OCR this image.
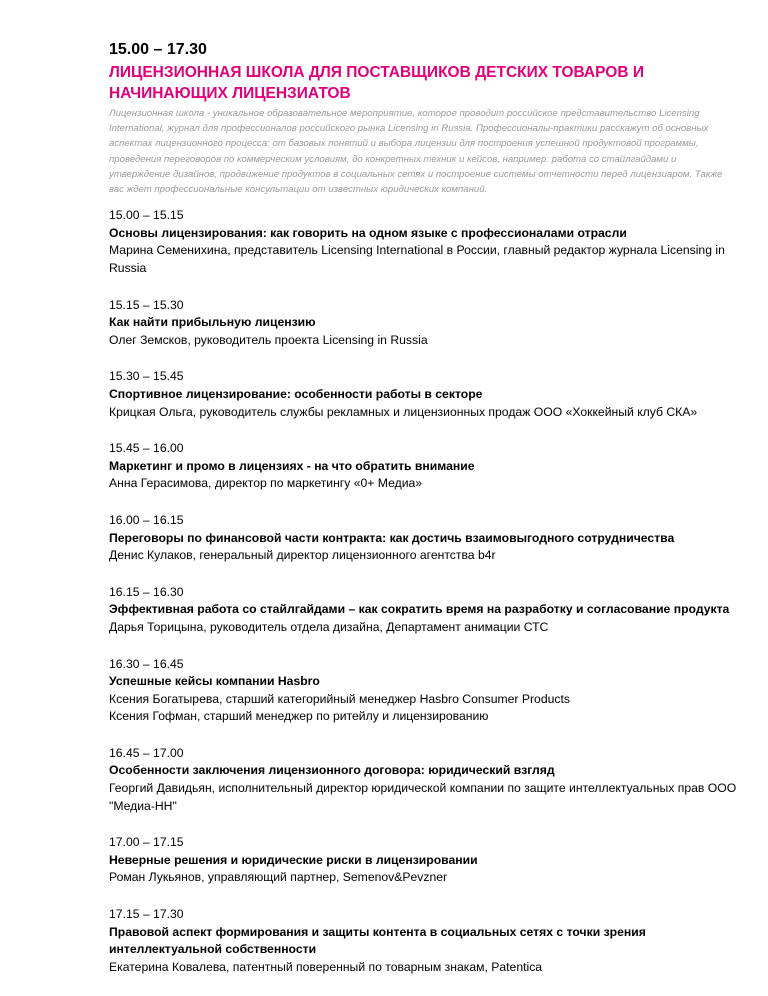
15.00 – 17.30
ЛИЦЕНЗИОННАЯ ШКОЛА ДЛЯ ПОСТАВЩИКОВ ДЕТСКИХ ТОВАРОВ И НАЧИНАЮЩИХ ЛИЦЕНЗИАТОВ
Лицензионная школа - уникальное образовательное мероприятие, которое проводит российское представительство Licensing International, журнал для профессионалов российского рынка Licensing in Russia. Профессионалы-практики расскажут об основных аспектах лицензионного процесса: от базовых понятий и выбора лицензии для построения успешной продуктовой программы, проведения переговоров по коммерческим условиям, до конкретных техник и кейсов, например: работа со стайлгайдами и утверждение дизайнов, продвижение продуктов в социальных сетях и построение системы отчетности перед лицензиаром. Также вас ждет профессиональные консультации от известных юридических компаний.
15.00 – 15.15
Основы лицензирования: как говорить на одном языке с профессионалами отрасли
Марина Семенихина, представитель Licensing International в России, главный редактор журнала Licensing in Russia
15.15 – 15.30
Как найти прибыльную лицензию
Олег Земсков, руководитель проекта Licensing in Russia
15.30 – 15.45
Спортивное лицензирование: особенности работы в секторе
Крицкая Ольга, руководитель службы рекламных и лицензионных продаж ООО «Хоккейный клуб СКА»
15.45 – 16.00
Маркетинг и промо в лицензиях - на что обратить внимание
Анна Герасимова, директор по маркетингу «0+ Медиа»
16.00 – 16.15
Переговоры по финансовой части контракта: как достичь взаимовыгодного сотрудничества
Денис Кулаков, генеральный директор лицензионного агентства b4r
16.15 – 16.30
Эффективная работа со стайлгайдами – как сократить время на разработку и согласование продукта
Дарья Торицына, руководитель отдела дизайна, Департамент анимации СТС
16.30 – 16.45
Успешные кейсы компании Hasbro
Ксения Богатырева, старший категорийный менеджер Hasbro Consumer Products
Ксения Гофман, старший менеджер по ритейлу и лицензированию
16.45 – 17.00
Особенности заключения лицензионного договора: юридический взгляд
Георгий Давидьян, исполнительный директор юридической компании по защите интеллектуальных прав ООО "Медиа-НН"
17.00 – 17.15
Неверные решения и юридические риски в лицензировании
Роман Лукьянов, управляющий партнер, Semenov&Pevzner
17.15 – 17.30
Правовой аспект формирования и защиты контента в социальных сетях с точки зрения интеллектуальной собственности
Екатерина Ковалева, патентный поверенный по товарным знакам, Patentica
